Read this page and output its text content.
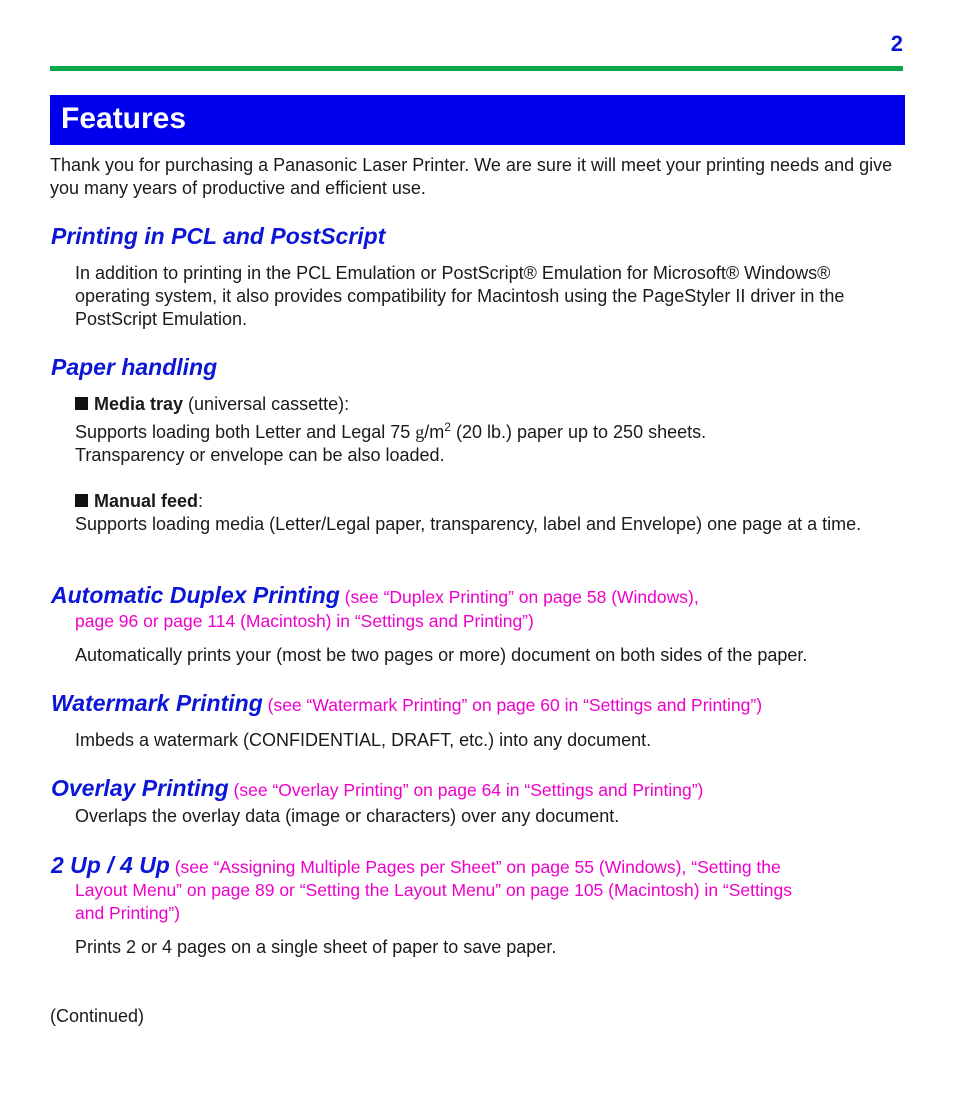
2
Features
Thank you for purchasing a Panasonic Laser Printer. We are sure it will meet your printing needs and give you many years of productive and efficient use.
Printing in PCL and PostScript
In addition to printing in the PCL Emulation or PostScript® Emulation for Microsoft® Windows® operating system, it also provides compatibility for Macintosh using the PageStyler II driver in the PostScript Emulation.
Paper handling
Media tray (universal cassette):
Supports loading both Letter and Legal 75 $g/m^2$ (20 lb.) paper up to 250 sheets.
Transparency or envelope can be also loaded.
Manual feed:
Supports loading media (Letter/Legal paper, transparency, label and Envelope) one page at a time.
Automatic Duplex Printing (see “Duplex Printing” on page 58 (Windows),
page 96 or page 114 (Macintosh) in “Settings and Printing”)
Automatically prints your (most be two pages or more) document on both sides of the paper.
Watermark Printing (see “Watermark Printing” on page 60 in “Settings and Printing”)
Imbeds a watermark (CONFIDENTIAL, DRAFT, etc.) into any document.
Overlay Printing (see “Overlay Printing” on page 64 in “Settings and Printing”)
Overlaps the overlay data (image or characters) over any document.
2 Up / 4 Up (see “Assigning Multiple Pages per Sheet” on page 55 (Windows), “Setting the
Layout Menu” on page 89 or “Setting the Layout Menu” on page 105 (Macintosh) in “Settings
and Printing”)
Prints 2 or 4 pages on a single sheet of paper to save paper.
(Continued)
